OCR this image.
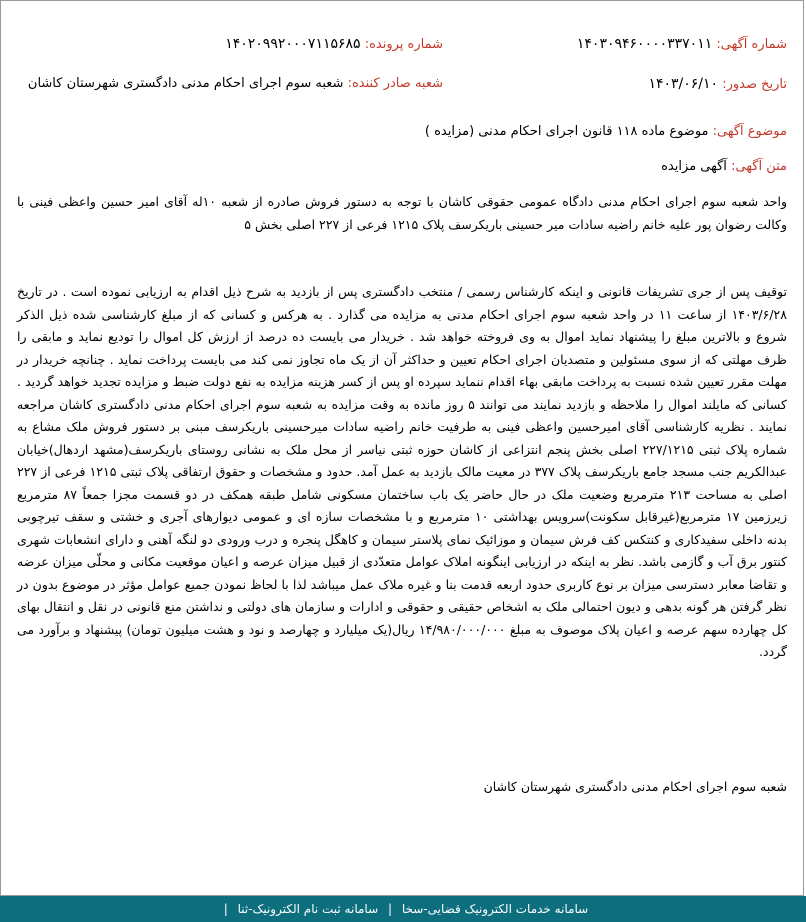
شماره آگهی: ۱۴۰۳۰۹۴۶۰۰۰۰۳۳۷۰۱۱
شماره پرونده: ۱۴۰۲۰۹۹۲۰۰۰۷۱۱۵۶۸۵
تاریخ صدور: ۱۴۰۳/۰۶/۱۰
شعبه صادر کننده: شعبه سوم اجرای احکام مدنی دادگستری شهرستان کاشان
موضوع آگهی: موضوع ماده ۱۱۸ قانون اجرای احکام مدنی (مزایده )
متن آگهی: آگهی مزایده
واحد شعبه سوم اجرای احکام مدنی دادگاه عمومی حقوقی کاشان با توجه به دستور فروش صادره از شعبه ۱۰له آقای امیر حسین واعظی فینی با وکالت رضوان پور علیه خانم راضیه سادات میر حسینی باریکرسف پلاک ۱۲۱۵ فرعی از ۲۲۷ اصلی بخش ۵
توقیف پس از جری تشریفات قانونی و اینکه کارشناس رسمی / منتخب دادگستری پس از بازدید به شرح ذیل اقدام به ارزیابی نموده است . در تاریخ ۱۴۰۳/۶/۲۸ از ساعت ۱۱ در واحد شعبه سوم اجرای احکام مدنی به مزایده می گذارد . به هرکس و کسانی که از مبلغ کارشناسی شده ذیل الذکر شروع و بالاترین مبلغ را پیشنهاد نماید اموال به وی فروخته خواهد شد . خریدار می بایست ده درصد از ارزش کل اموال را تودیع نماید و مابقی را ظرف مهلتی که از سوی مسئولین و متصدیان اجرای احکام تعیین و حداکثر آن از یک ماه تجاوز نمی کند می بایست پرداخت نماید . چنانچه خریدار در مهلت مقرر تعیین شده نسبت به پرداخت مابقی بهاء اقدام ننماید سپرده او پس از کسر هزینه مزایده به نفع دولت ضبط و مزایده تجدید خواهد گردید . کسانی که مایلند اموال را ملاحظه و بازدید نمایند می توانند ۵ روز مانده به وقت مزایده به شعبه سوم اجرای احکام مدنی دادگستری کاشان مراجعه نمایند . نظریه کارشناسی آقای امیرحسین واعظی فینی به طرفیت خانم راضیه سادات میرحسینی باریکرسف مبنی بر دستور فروش ملک مشاع به شماره پلاک ثبتی ۲۲۷/۱۲۱۵ اصلی بخش پنجم انتزاعی از کاشان حوزه ثبتی نیاسر از محل ملک به نشانی روستای باریکرسف(مشهد اردهال)خیابان عبدالکریم جنب مسجد جامع باریکرسف پلاک ۳۷۷ در معیت مالک بازدید به عمل آمد. حدود و مشخصات و حقوق ارتفاقی پلاک ثبتی ۱۲۱۵ فرعی از ۲۲۷ اصلی به مساحت ۲۱۳ مترمربع وضعیت ملک در حال حاضر یک باب ساختمان مسکونی شامل طبقه همکف در دو قسمت مجزا جمعاً ۸۷ مترمربع زیرزمین ۱۷ مترمربع(غیرقابل سکونت)سرویس بهداشتی ۱۰ مترمربع و با مشخصات سازه ای و عمومی دیوارهای آجری و خشتی و سقف تیرچوبی بدنه داخلی سفیدکاری و کنتکس کف فرش سیمان و موزائیک نمای پلاستر سیمان و کاهگل پنجره و درب ورودی دو لنگه آهنی و دارای انشعابات شهری کنتور برق آب و گازمی باشد. نظر به اینکه در ارزیابی اینگونه املاک عوامل متعدّدی از قبیل میزان عرصه و اعیان موقعیت مکانی و محلّی میزان عرضه و تقاضا معابر دسترسی میزان بر نوع کاربری حدود اربعه قدمت بنا و غیره ملاک عمل میباشد لذا با لحاظ نمودن جمیع عوامل مؤثر در موضوع بدون در نظر گرفتن هر گونه بدهی و دیون احتمالی ملک به اشخاص حقیقی و حقوقی و ادارات و سازمان های دولتی و نداشتن منع قانونی در نقل و انتقال بهای کل چهارده سهم عرصه و اعیان پلاک موصوف به مبلغ ۱۴/۹۸۰/۰۰۰/۰۰۰ ریال(یک میلیارد و چهارصد و نود و هشت میلیون تومان) پیشنهاد و برآورد می گردد.
شعبه سوم اجرای احکام مدنی دادگستری شهرستان کاشان
سامانه خدمات الکترونیک قضایی-سخا | سامانه ثبت نام الکترونیک-ثنا |
